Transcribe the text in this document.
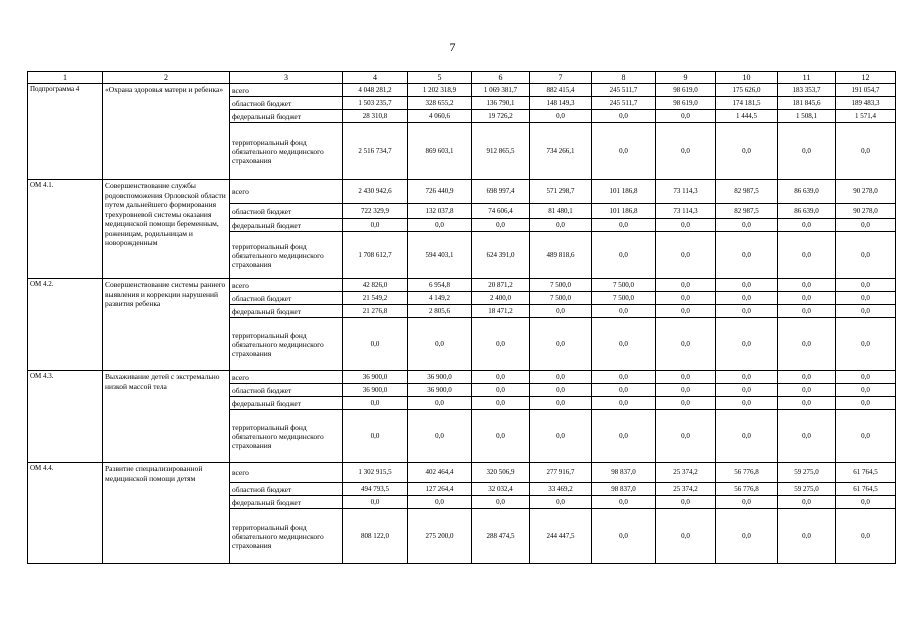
7
1	2	3	4	5	6	7	8	9	10	11	12
Подпрограмма 4	«Охрана здоровья матери и ребенка»	всего	4 048 281,2	1 202 318,9	1 069 381,7	882 415,4	245 511,7	98 619,0	175 626,0	183 353,7	191 054,7
		областной бюджет	1 503 235,7	328 655,2	136 790,1	148 149,3	245 511,7	98 619,0	174 181,5	181 845,6	189 483,3
		федеральный бюджет	28 310,8	4 060,6	19 726,2	0,0	0,0	0,0	1 444,5	1 508,1	1 571,4
		территориальный фонд обязательного медицинского страхования	2 516 734,7	869 603,1	912 865,5	734 266,1	0,0	0,0	0,0	0,0	0,0
ОМ 4.1.	Совершенствование службы родовспоможения Орловской области путем дальнейшего формирования трехуровневой системы оказания медицинской помощи беременным, роженицам, родильницам и новорожденным	всего	2 430 942,6	726 440,9	698 997,4	571 298,7	101 186,8	73 114,3	82 987,5	86 639,0	90 278,0
		областной бюджет	722 329,9	132 037,8	74 606,4	81 480,1	101 186,8	73 114,3	82 987,5	86 639,0	90 278,0
		федеральный бюджет	0,0	0,0	0,0	0,0	0,0	0,0	0,0	0,0	0,0
		территориальный фонд обязательного медицинского страхования	1 708 612,7	594 403,1	624 391,0	489 818,6	0,0	0,0	0,0	0,0	0,0
ОМ 4.2.	Совершенствование системы раннего выявления и коррекции нарушений развития ребенка	всего	42 826,0	6 954,8	20 871,2	7 500,0	7 500,0	0,0	0,0	0,0	0,0
		областной бюджет	21 549,2	4 149,2	2 400,0	7 500,0	7 500,0	0,0	0,0	0,0	0,0
		федеральный бюджет	21 276,8	2 805,6	18 471,2	0,0	0,0	0,0	0,0	0,0	0,0
		территориальный фонд обязательного медицинского страхования	0,0	0,0	0,0	0,0	0,0	0,0	0,0	0,0	0,0
ОМ 4.3.	Выхаживание детей с экстремально низкой массой тела	всего	36 900,0	36 900,0	0,0	0,0	0,0	0,0	0,0	0,0	0,0
		областной бюджет	36 900,0	36 900,0	0,0	0,0	0,0	0,0	0,0	0,0	0,0
		федеральный бюджет	0,0	0,0	0,0	0,0	0,0	0,0	0,0	0,0	0,0
		территориальный фонд обязательного медицинского страхования	0,0	0,0	0,0	0,0	0,0	0,0	0,0	0,0	0,0
ОМ 4.4.	Развитие специализированной медицинской помощи детям	всего	1 302 915,5	402 464,4	320 506,9	277 916,7	98 837,0	25 374,2	56 776,8	59 275,0	61 764,5
		областной бюджет	494 793,5	127 264,4	32 032,4	33 469,2	98 837,0	25 374,2	56 776,8	59 275,0	61 764,5
		федеральный бюджет	0,0	0,0	0,0	0,0	0,0	0,0	0,0	0,0	0,0
		территориальный фонд обязательного медицинского страхования	808 122,0	275 200,0	288 474,5	244 447,5	0,0	0,0	0,0	0,0	0,0
